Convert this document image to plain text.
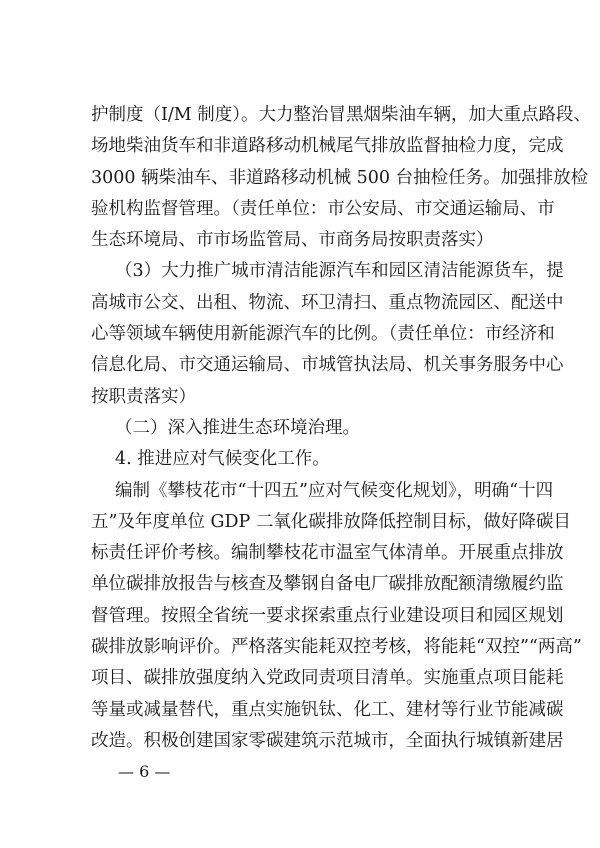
护制度（I/M 制度）。大力整治冒黑烟柴油车辆，加大重点路段、
场地柴油货车和非道路移动机械尾气排放监督抽检力度，完成
3000 辆柴油车、非道路移动机械 500 台抽检任务。加强排放检
验机构监督管理。（责任单位：市公安局、市交通运输局、市
生态环境局、市市场监管局、市商务局按职责落实）
（3）大力推广城市清洁能源汽车和园区清洁能源货车，提
高城市公交、出租、物流、环卫清扫、重点物流园区、配送中
心等领域车辆使用新能源汽车的比例。（责任单位：市经济和
信息化局、市交通运输局、市城管执法局、机关事务服务中心
按职责落实）
（二）深入推进生态环境治理。
4. 推进应对气候变化工作。
编制《攀枝花市“十四五”应对气候变化规划》，明确“十四
五”及年度单位 GDP 二氧化碳排放降低控制目标，做好降碳目
标责任评价考核。编制攀枝花市温室气体清单。开展重点排放
单位碳排放报告与核查及攀钢自备电厂碳排放配额清缴履约监
督管理。按照全省统一要求探索重点行业建设项目和园区规划
碳排放影响评价。严格落实能耗双控考核，将能耗“双控”“两高”
项目、碳排放强度纳入党政同责项目清单。实施重点项目能耗
等量或减量替代，重点实施钒钛、化工、建材等行业节能减碳
改造。积极创建国家零碳建筑示范城市，全面执行城镇新建居
— 6 —
